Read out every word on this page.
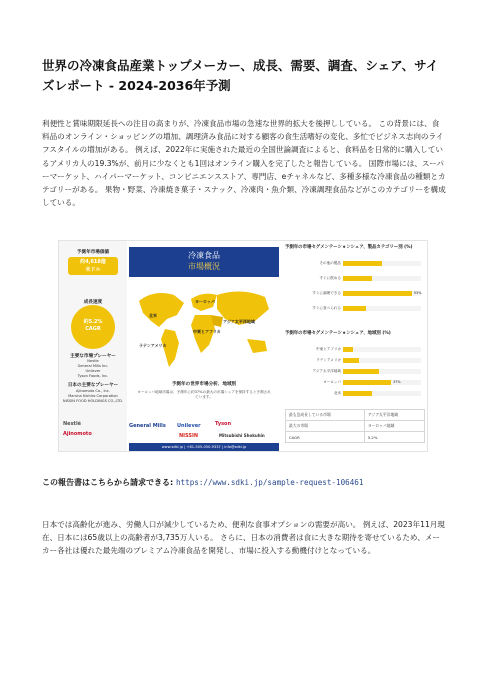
世界の冷凍食品産業トップメーカー、成長、需要、調査、シェア、サイズレポート - 2024-2036年予測
利便性と賞味期限延長への注目の高まりが、冷凍食品市場の急速な世界的拡大を後押ししている。 この背景には、食料品のオンライン・ショッピングの増加、調理済み食品に対する顧客の食生活嗜好の変化、多忙でビジネス志向のライフスタイルの増加がある。 例えば、2022年に実施された最近の全国世論調査によると、食料品を日常的に購入しているアメリカ人の19.3%が、前月に少なくとも1回はオンライン購入を完了したと報告している。 国際市場には、スーパーマーケット、ハイパーマーケット、コンビニエンスストア、専門店、eチャネルなど、多種多様な冷凍食品の種類とカテゴリーがある。 果物・野菜、冷凍焼き菓子・スナック、冷凍肉・魚介類、冷凍調理食品などがこのカテゴリーを構成している。
予測年市場価値
約4,618億
米ドル
成長速度
約5.2%
CAGR
主要な市場プレーヤー
Nestle
General Mills Inc.
Unilever
Tyson Foods, Inc.
日本の主要なプレーヤー
Ajinomoto Co., Inc.
Maruha Nichiro Corporation
NISSIN FOOD HOLDINGS CO.,LTD.
冷凍食品
市場概況
ヨーロッパ
北米
アジア太平洋地域
中東とアフリカ
ラテンアメリカ
予測年の世界市場分析、地域別
ヨーロッパ地域市場は、予測年に約37%の最大の市場シェアを保持すると予測されています。
Nestlé
Ajinomoto
General Mills Unilever	Tyson
NISSIN	Mitsubishi Shokuhin
www.sdki.jp | +81-505-050-9337 | info@sdki.jp
予測年の市場セグメンテーションシェア、製品カテゴリー別 (%)
その他の製品
すぐに飲める
すぐに調理できる	53%
すぐに食べられる
予測年の市場セグメンテーションシェア、地域別 (%)
中東とアフリカ
ラテンアメリカ
アジア太平洋地域
ヨーロッパ	37%
北米
最も急成長している市場	アジア太平洋地域
最大の市場	ヨーロッパ地域
CAGR	5.2%
この報告書はこちらから請求できる: https://www.sdki.jp/sample-request-106461
日本では高齢化が進み、労働人口が減少しているため、便利な食事オプションの需要が高い。 例えば、2023年11月現在、日本には65歳以上の高齢者が3,735万人いる。 さらに、日本の消費者は食に大きな期待を寄せているため、メーカー各社は優れた最先端のプレミアム冷凍食品を開発し、市場に投入する動機付けとなっている。
